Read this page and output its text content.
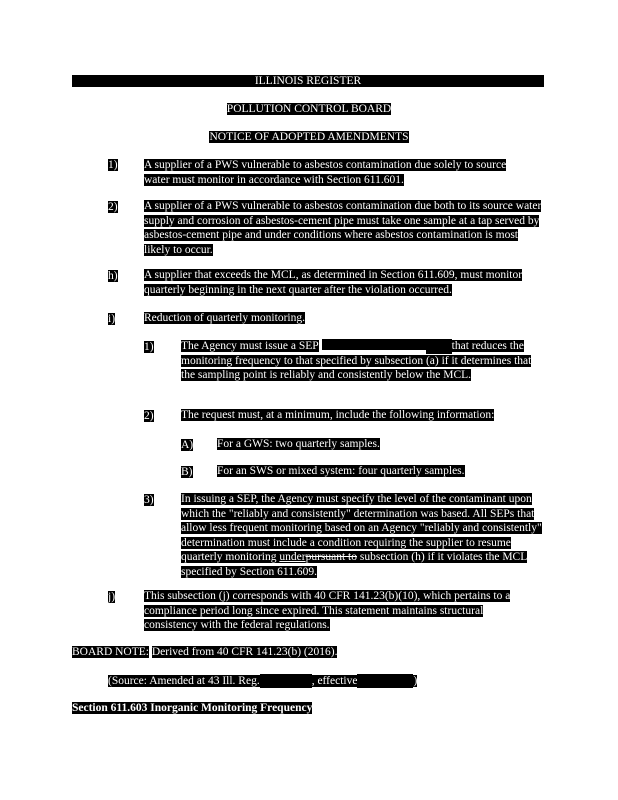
ILLINOIS REGISTER
POLLUTION CONTROL BOARD
NOTICE OF ADOPTED AMENDMENTS
1) A supplier of a PWS vulnerable to asbestos contamination due solely to source water must monitor in accordance with Section 611.601.
2) A supplier of a PWS vulnerable to asbestos contamination due both to its source water supply and corrosion of asbestos-cement pipe must take one sample at a tap served by asbestos-cement pipe and under conditions where asbestos contamination is most likely to occur.
h) A supplier that exceeds the MCL, as determined in Section 611.609, must monitor quarterly beginning in the next quarter after the violation occurred.
i)	Reduction of quarterly monitoring.
1) The Agency must issue a SEP	that reduces the monitoring frequency to that specified by subsection (a) if it determines that the sampling point is reliably and consistently below the MCL.
2) The request must, at a minimum, include the following information:
A) For a GWS: two quarterly samples.
B) For an SWS or mixed system: four quarterly samples.
3) In issuing a SEP, the Agency must specify the level of the contaminant upon which the "reliably and consistently" determination was based. All SEPs that allow less frequent monitoring based on an Agency "reliably and consistently" determination must include a condition requiring the supplier to resume quarterly monitoring underpursuant to subsection (h) if it violates the MCL specified by Section 611.609.
j)	This subsection (j) corresponds with 40 CFR 141.23(b)(10), which pertains to a compliance period long since expired. This statement maintains structural consistency with the federal regulations.
BOARD NOTE: Derived from 40 CFR 141.23(b) (2016).
(Source: Amended at 43 Ill. Reg.	, effective	)
Section 611.603 Inorganic Monitoring Frequency
